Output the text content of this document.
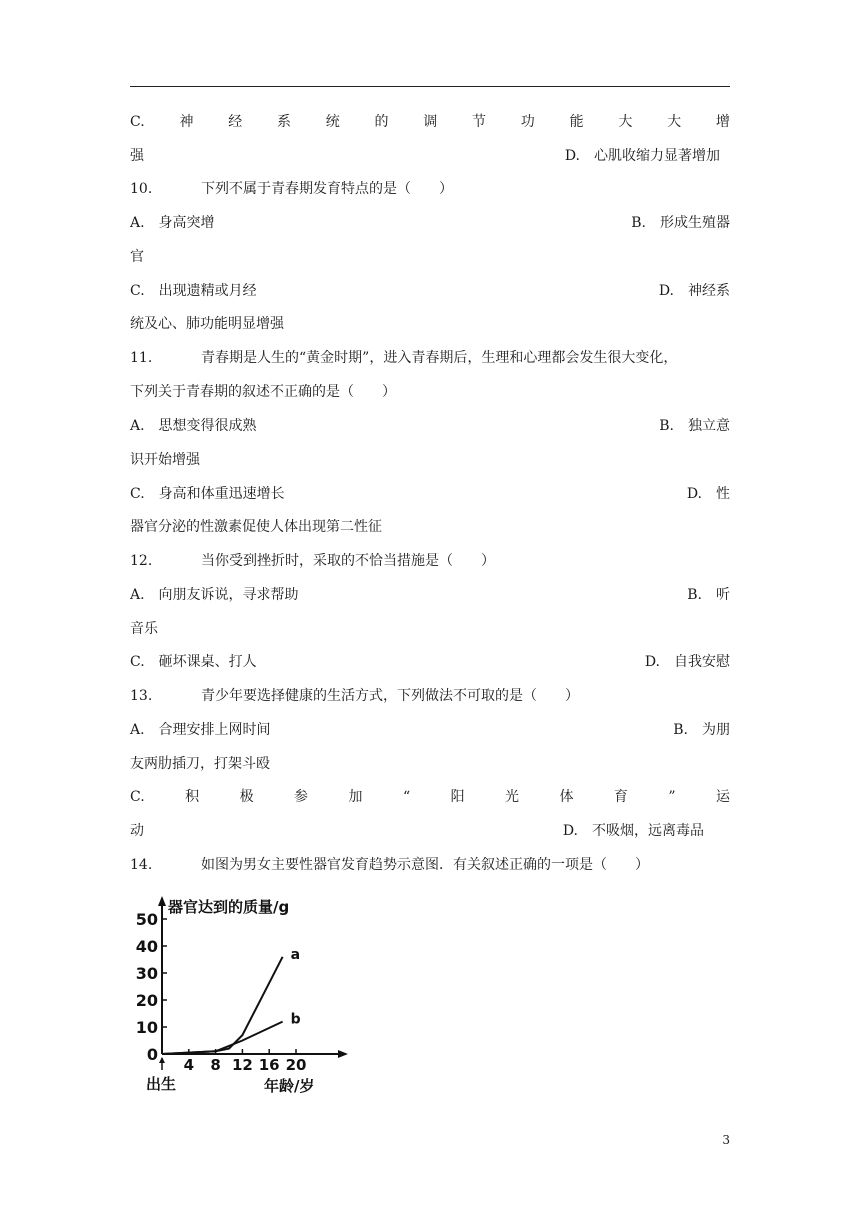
C. 神 经 系 统 的 调 节 功 能 大 大 增
强	D.　心肌收缩力显著增加
10.	下列不属于青春期发育特点的是（　　）
A.　身高突增	B.　形成生殖器
官
C.　出现遗精或月经	D.　神经系
统及心、肺功能明显增强
11.	青春期是人生的“黄金时期”，进入青春期后，生理和心理都会发生很大变化，
下列关于青春期的叙述不正确的是（　　）
A.　思想变得很成熟	B.　独立意
识开始增强
C.　身高和体重迅速增长	D.　性
器官分泌的性激素促使人体出现第二性征
12.	当你受到挫折时，采取的不恰当措施是（　　）
A.　向朋友诉说，寻求帮助	B.　听
音乐
C.　砸坏课桌、打人	D.　自我安慰
13.	青少年要选择健康的生活方式，下列做法不可取的是（　　）
A.　合理安排上网时间	B.　为朋
友两肋插刀，打架斗殴
C.	积	极	参	加	“	阳	光	体	育	”	运
动	D.　不吸烟，远离毒品
14.	如图为男女主要性器官发育趋势示意图．有关叙述正确的一项是（　　）
0
10
20
30
40
50
4 8 12 16 20
a
b
器官达到的质量/g
年龄/岁
出生
3
